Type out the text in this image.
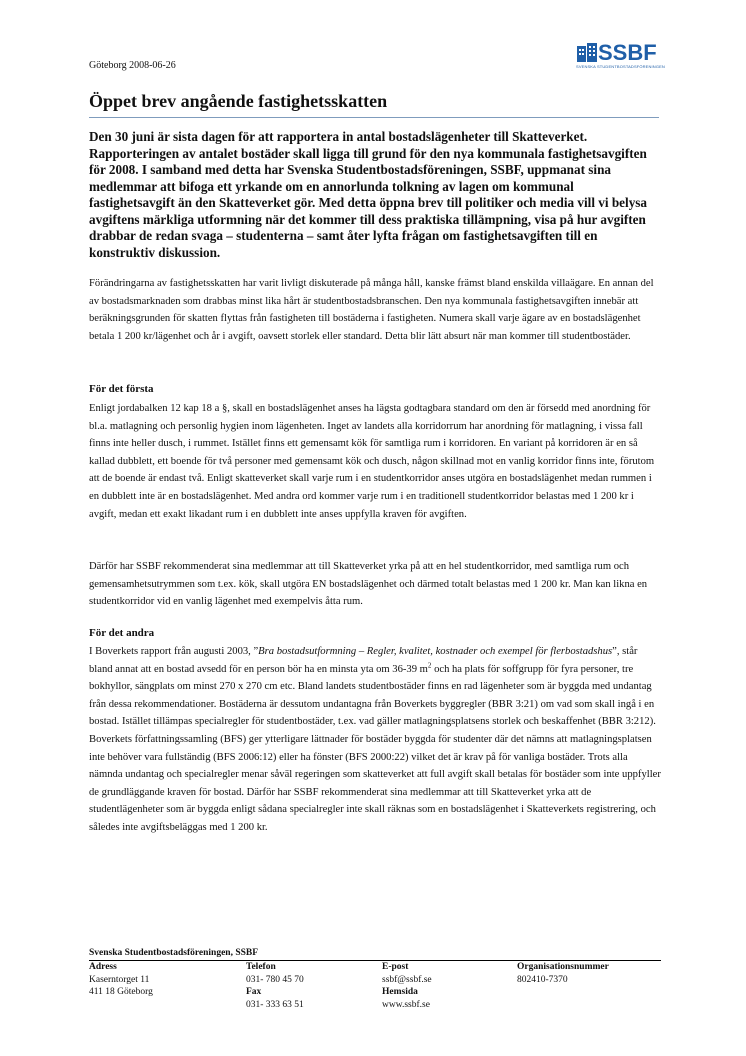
Göteborg 2008-06-26
SSBF
SVENSKA STUDENTBOSTADSFÖRENINGEN
Öppet brev angående fastighetsskatten

Den 30 juni är sista dagen för att rapportera in antal bostadslägenheter till Skatteverket. Rapporteringen av antalet bostäder skall ligga till grund för den nya kommunala fastighetsavgiften för 2008. I samband med detta har Svenska Studentbostadsföreningen, SSBF, uppmanat sina medlemmar att bifoga ett yrkande om en annorlunda tolkning av lagen om kommunal fastighetsavgift än den Skatteverket gör. Med detta öppna brev till politiker och media vill vi belysa avgiftens märkliga utformning när det kommer till dess praktiska tillämpning, visa på hur avgiften drabbar de redan svaga – studenterna – samt åter lyfta frågan om fastighetsavgiften till en konstruktiv diskussion.

Förändringarna av fastighetsskatten har varit livligt diskuterade på många håll, kanske främst bland enskilda villaägare. En annan del av bostadsmarknaden som drabbas minst lika hårt är studentbostadsbranschen. Den nya kommunala fastighetsavgiften innebär att beräkningsgrunden för skatten flyttas från fastigheten till bostäderna i fastigheten. Numera skall varje ägare av en bostadslägenhet betala 1 200 kr/lägenhet och år i avgift, oavsett storlek eller standard. Detta blir lätt absurt när man kommer till studentbostäder.

För det första

Enligt jordabalken 12 kap 18 a §, skall en bostadslägenhet anses ha lägsta godtagbara standard om den är försedd med anordning för bl.a. matlagning och personlig hygien inom lägenheten. Inget av landets alla korridorrum har anordning för matlagning, i vissa fall finns inte heller dusch, i rummet. Istället finns ett gemensamt kök för samtliga rum i korridoren. En variant på korridoren är en så kallad dubblett, ett boende för två personer med gemensamt kök och dusch, någon skillnad mot en vanlig korridor finns inte, förutom att de boende är endast två. Enligt skatteverket skall varje rum i en studentkorridor anses utgöra en bostadslägenhet medan rummen i en dubblett inte är en bostadslägenhet. Med andra ord kommer varje rum i en traditionell studentkorridor belastas med 1 200 kr i avgift, medan ett exakt likadant rum i en dubblett inte anses uppfylla kraven för avgiften.

Därför har SSBF rekommenderat sina medlemmar att till Skatteverket yrka på att en hel studentkorridor, med samtliga rum och gemensamhetsutrymmen som t.ex. kök, skall utgöra EN bostadslägenhet och därmed totalt belastas med 1 200 kr. Man kan likna en studentkorridor vid en vanlig lägenhet med exempelvis åtta rum.

För det andra

I Boverkets rapport från augusti 2003, ”Bra bostadsutformning – Regler, kvalitet, kostnader och exempel för flerbostadshus”, står bland annat att en bostad avsedd för en person bör ha en minsta yta om 36-39 $m^2$ och ha plats för soffgrupp för fyra personer, tre bokhyllor, sängplats om minst 270 x 270 cm etc. Bland landets studentbostäder finns en rad lägenheter som är byggda med undantag från dessa rekommendationer. Bostäderna är dessutom undantagna från Boverkets byggregler (BBR 3:21) om vad som skall ingå i en bostad. Istället tillämpas specialregler för studentbostäder, t.ex. vad gäller matlagningsplatsens storlek och beskaffenhet (BBR 3:212). Boverkets författningssamling (BFS) ger ytterligare lättnader för bostäder byggda för studenter där det nämns att matlagningsplatsen inte behöver vara fullständig (BFS 2006:12) eller ha fönster (BFS 2000:22) vilket det är krav på för vanliga bostäder. Trots alla nämnda undantag och specialregler menar såväl regeringen som skatteverket att full avgift skall betalas för bostäder som inte uppfyller de grundläggande kraven för bostad. Därför har SSBF rekommenderat sina medlemmar att till Skatteverket yrka att de studentlägenheter som är byggda enligt sådana specialregler inte skall räknas som en bostadslägenhet i Skatteverkets registrering, och således inte avgiftsbeläggas med 1 200 kr.

Svenska Studentbostadsföreningen, SSBF

Adress
Kaserntorget 11
411 18 Göteborg
Telefon
031- 780 45 70
Fax
031- 333 63 51
E-post
ssbf@ssbf.se
Hemsida
www.ssbf.se
Organisationsnummer
802410-7370
